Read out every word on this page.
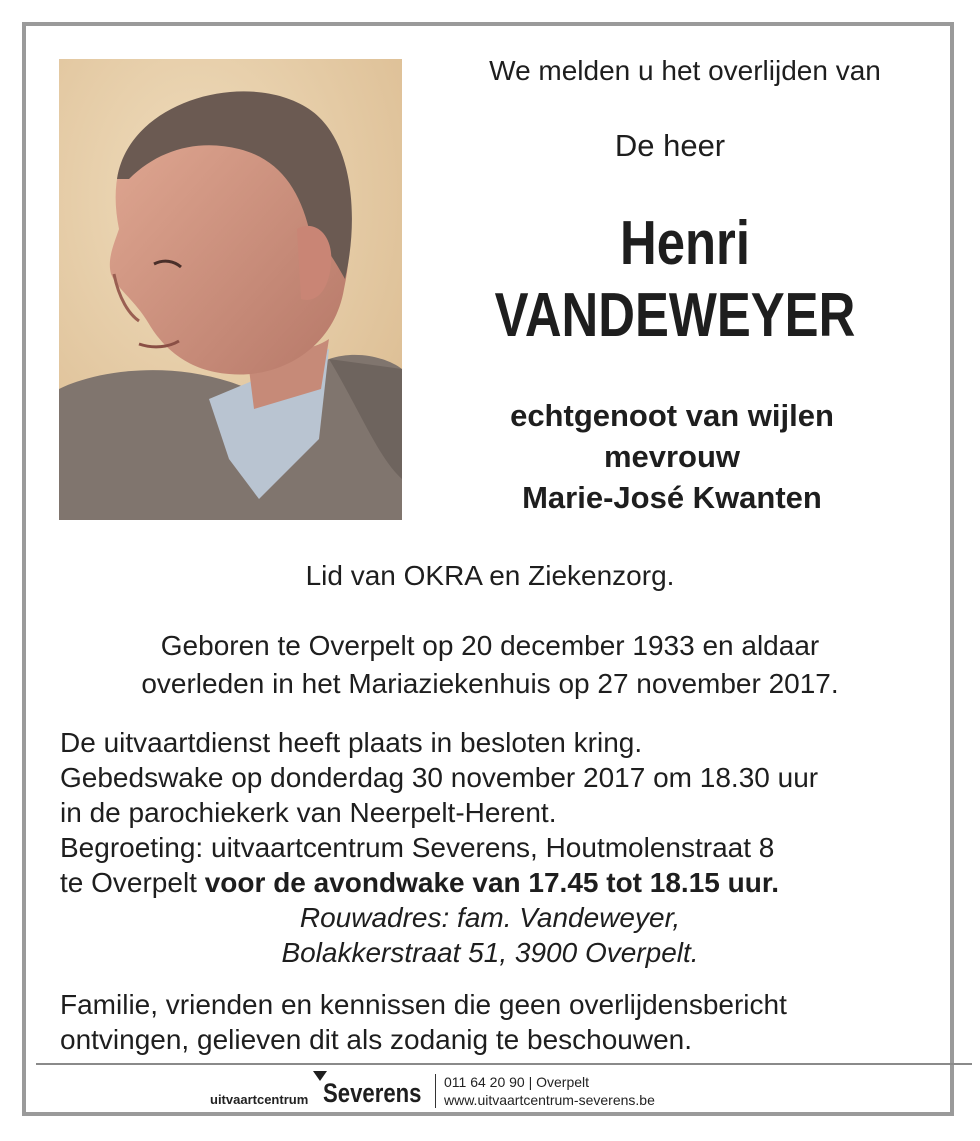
We melden u het overlijden van
De heer
Henri
VANDEWEYER
echtgenoot van wijlen
mevrouw
Marie-José Kwanten
Lid van OKRA en Ziekenzorg.
Geboren te Overpelt op 20 december 1933 en aldaar
overleden in het Mariaziekenhuis op 27 november 2017.
De uitvaartdienst heeft plaats in besloten kring.
Gebedswake op donderdag 30 november 2017 om 18.30 uur
in de parochiekerk van Neerpelt-Herent.
Begroeting: uitvaartcentrum Severens, Houtmolenstraat 8
te Overpelt voor de avondwake van 17.45 tot 18.15 uur.
Rouwadres: fam. Vandeweyer,
Bolakkerstraat 51, 3900 Overpelt.
Familie, vrienden en kennissen die geen overlijdensbericht
ontvingen, gelieven dit als zodanig te beschouwen.
uitvaartcentrum Severens 011 64 20 90 | Overpelt
www.uitvaartcentrum-severens.be
